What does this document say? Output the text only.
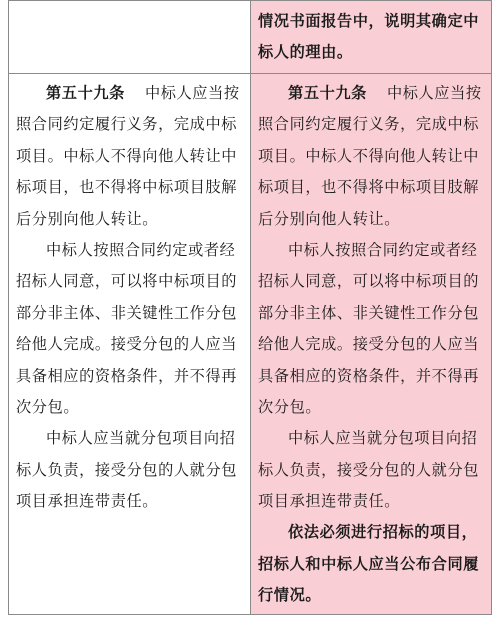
情况书面报告中，说明其确定中
标人的理由。
第五十九条 中标人应当按
照合同约定履行义务，完成中标
项目。中标人不得向他人转让中
标项目，也不得将中标项目肢解
后分别向他人转让。
中标人按照合同约定或者经
招标人同意，可以将中标项目的
部分非主体、非关键性工作分包
给他人完成。接受分包的人应当
具备相应的资格条件，并不得再
次分包。
中标人应当就分包项目向招
标人负责，接受分包的人就分包
项目承担连带责任。
第五十九条 中标人应当按
照合同约定履行义务，完成中标
项目。中标人不得向他人转让中
标项目，也不得将中标项目肢解
后分别向他人转让。
中标人按照合同约定或者经
招标人同意，可以将中标项目的
部分非主体、非关键性工作分包
给他人完成。接受分包的人应当
具备相应的资格条件，并不得再
次分包。
中标人应当就分包项目向招
标人负责，接受分包的人就分包
项目承担连带责任。
依法必须进行招标的项目，
招标人和中标人应当公布合同履
行情况。
